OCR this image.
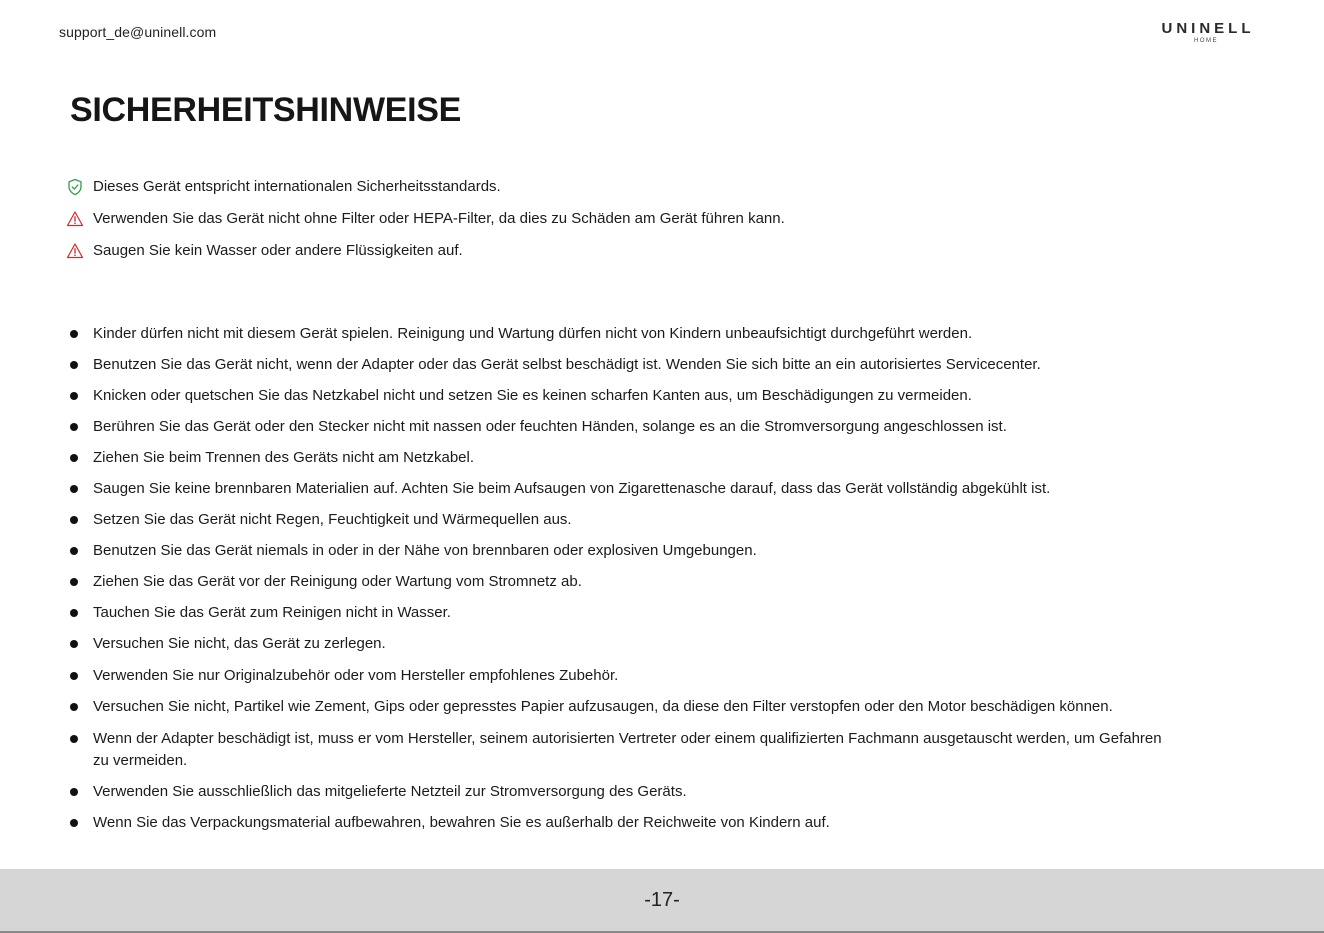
support_de@uninell.com	UNINELL
HOME
SICHERHEITSHINWEISE
Dieses Gerät entspricht internationalen Sicherheitsstandards.
Verwenden Sie das Gerät nicht ohne Filter oder HEPA-Filter, da dies zu Schäden am Gerät führen kann.
Saugen Sie kein Wasser oder andere Flüssigkeiten auf.
Kinder dürfen nicht mit diesem Gerät spielen. Reinigung und Wartung dürfen nicht von Kindern unbeaufsichtigt durchgeführt werden.
Benutzen Sie das Gerät nicht, wenn der Adapter oder das Gerät selbst beschädigt ist. Wenden Sie sich bitte an ein autorisiertes Servicecenter.
Knicken oder quetschen Sie das Netzkabel nicht und setzen Sie es keinen scharfen Kanten aus, um Beschädigungen zu vermeiden.
Berühren Sie das Gerät oder den Stecker nicht mit nassen oder feuchten Händen, solange es an die Stromversorgung angeschlossen ist.
Ziehen Sie beim Trennen des Geräts nicht am Netzkabel.
Saugen Sie keine brennbaren Materialien auf. Achten Sie beim Aufsaugen von Zigarettenasche darauf, dass das Gerät vollständig abgekühlt ist.
Setzen Sie das Gerät nicht Regen, Feuchtigkeit und Wärmequellen aus.
Benutzen Sie das Gerät niemals in oder in der Nähe von brennbaren oder explosiven Umgebungen.
Ziehen Sie das Gerät vor der Reinigung oder Wartung vom Stromnetz ab.
Tauchen Sie das Gerät zum Reinigen nicht in Wasser.
Versuchen Sie nicht, das Gerät zu zerlegen.
Verwenden Sie nur Originalzubehör oder vom Hersteller empfohlenes Zubehör.
Versuchen Sie nicht, Partikel wie Zement, Gips oder gepresstes Papier aufzusaugen, da diese den Filter verstopfen oder den Motor beschädigen können.
Wenn der Adapter beschädigt ist, muss er vom Hersteller, seinem autorisierten Vertreter oder einem qualifizierten Fachmann ausgetauscht werden, um Gefahren zu vermeiden.
Verwenden Sie ausschließlich das mitgelieferte Netzteil zur Stromversorgung des Geräts.
Wenn Sie das Verpackungsmaterial aufbewahren, bewahren Sie es außerhalb der Reichweite von Kindern auf.
-17-
